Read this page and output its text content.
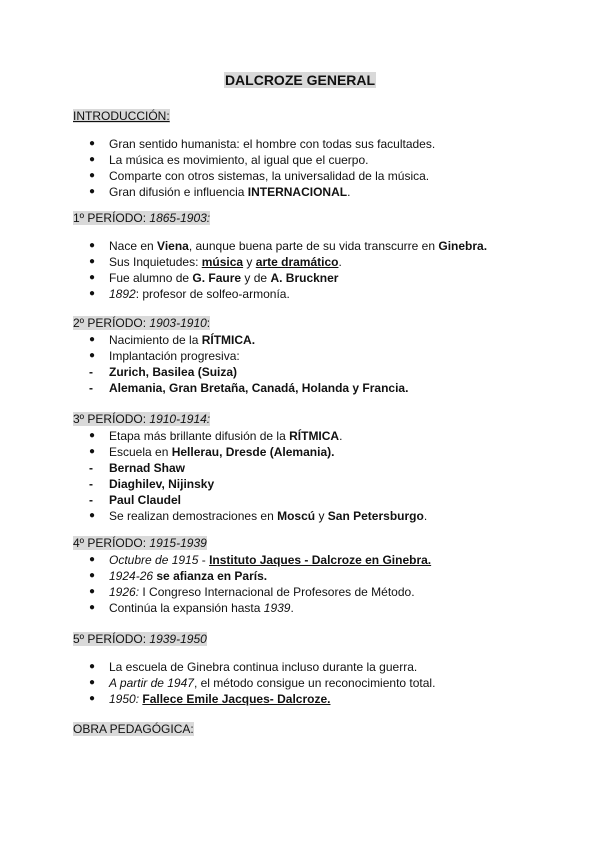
DALCROZE GENERAL
INTRODUCCIÓN:
● Gran sentido humanista: el hombre con todas sus facultades.
● La música es movimiento, al igual que el cuerpo.
● Comparte con otros sistemas, la universalidad de la música.
● Gran difusión e influencia INTERNACIONAL.
1º PERÍODO: 1865-1903:
● Nace en Viena, aunque buena parte de su vida transcurre en Ginebra.
● Sus Inquietudes: música y arte dramático.
● Fue alumno de G. Faure y de A. Bruckner
● 1892: profesor de solfeo-armonía.
2º PERÍODO: 1903-1910:
● Nacimiento de la RÍTMICA.
● Implantación progresiva:
- Zurich, Basilea (Suiza)
- Alemania, Gran Bretaña, Canadá, Holanda y Francia.
3º PERÍODO: 1910-1914:
● Etapa más brillante difusión de la RÍTMICA.
● Escuela en Hellerau, Dresde (Alemania).
- Bernad Shaw
- Diaghilev, Nijinsky
- Paul Claudel
● Se realizan demostraciones en Moscú y San Petersburgo.
4º PERÍODO: 1915-1939
● Octubre de 1915 - Instituto Jaques - Dalcroze en Ginebra.
● 1924-26 se afianza en París.
● 1926: I Congreso Internacional de Profesores de Método.
● Continúa la expansión hasta 1939.
5º PERÍODO: 1939-1950
● La escuela de Ginebra continua incluso durante la guerra.
● A partir de 1947, el método consigue un reconocimiento total.
● 1950: Fallece Emile Jacques- Dalcroze.
OBRA PEDAGÓGICA:
